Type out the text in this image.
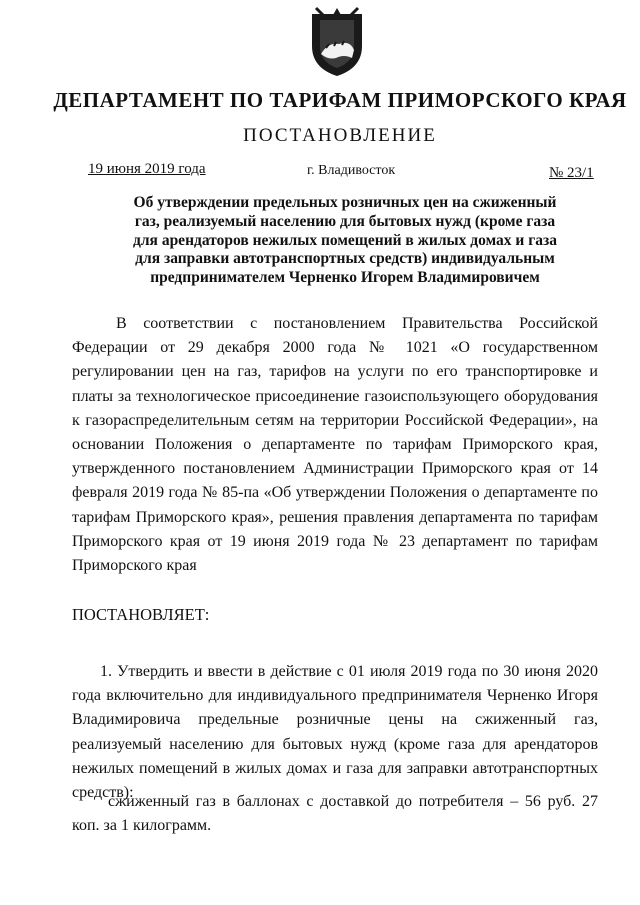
ДЕПАРТАМЕНТ ПО ТАРИФАМ ПРИМОРСКОГО КРАЯ
ПОСТАНОВЛЕНИЕ
19 июня 2019 года	г. Владивосток	№ 23/1
Об утверждении предельных розничных цен на сжиженный газ, реализуемый населению для бытовых нужд (кроме газа для арендаторов нежилых помещений в жилых домах и газа для заправки автотранспортных средств) индивидуальным предпринимателем Черненко Игорем Владимировичем
В соответствии с постановлением Правительства Российской Федерации от 29 декабря 2000 года № 1021 «О государственном регулировании цен на газ, тарифов на услуги по его транспортировке и платы за технологическое присоединение газоиспользующего оборудования к газораспределительным сетям на территории Российской Федерации», на основании Положения о департаменте по тарифам Приморского края, утвержденного постановлением Администрации Приморского края от 14 февраля 2019 года № 85-па «Об утверждении Положения о департаменте по тарифам Приморского края», решения правления департамента по тарифам Приморского края от 19 июня 2019 года № 23 департамент по тарифам Приморского края
ПОСТАНОВЛЯЕТ:
1. Утвердить и ввести в действие с 01 июля 2019 года по 30 июня 2020 года включительно для индивидуального предпринимателя Черненко Игоря Владимировича предельные розничные цены на сжиженный газ, реализуемый населению для бытовых нужд (кроме газа для арендаторов нежилых помещений в жилых домах и газа для заправки автотранспортных средств):
сжиженный газ в баллонах с доставкой до потребителя – 56 руб. 27 коп. за 1 килограмм.
